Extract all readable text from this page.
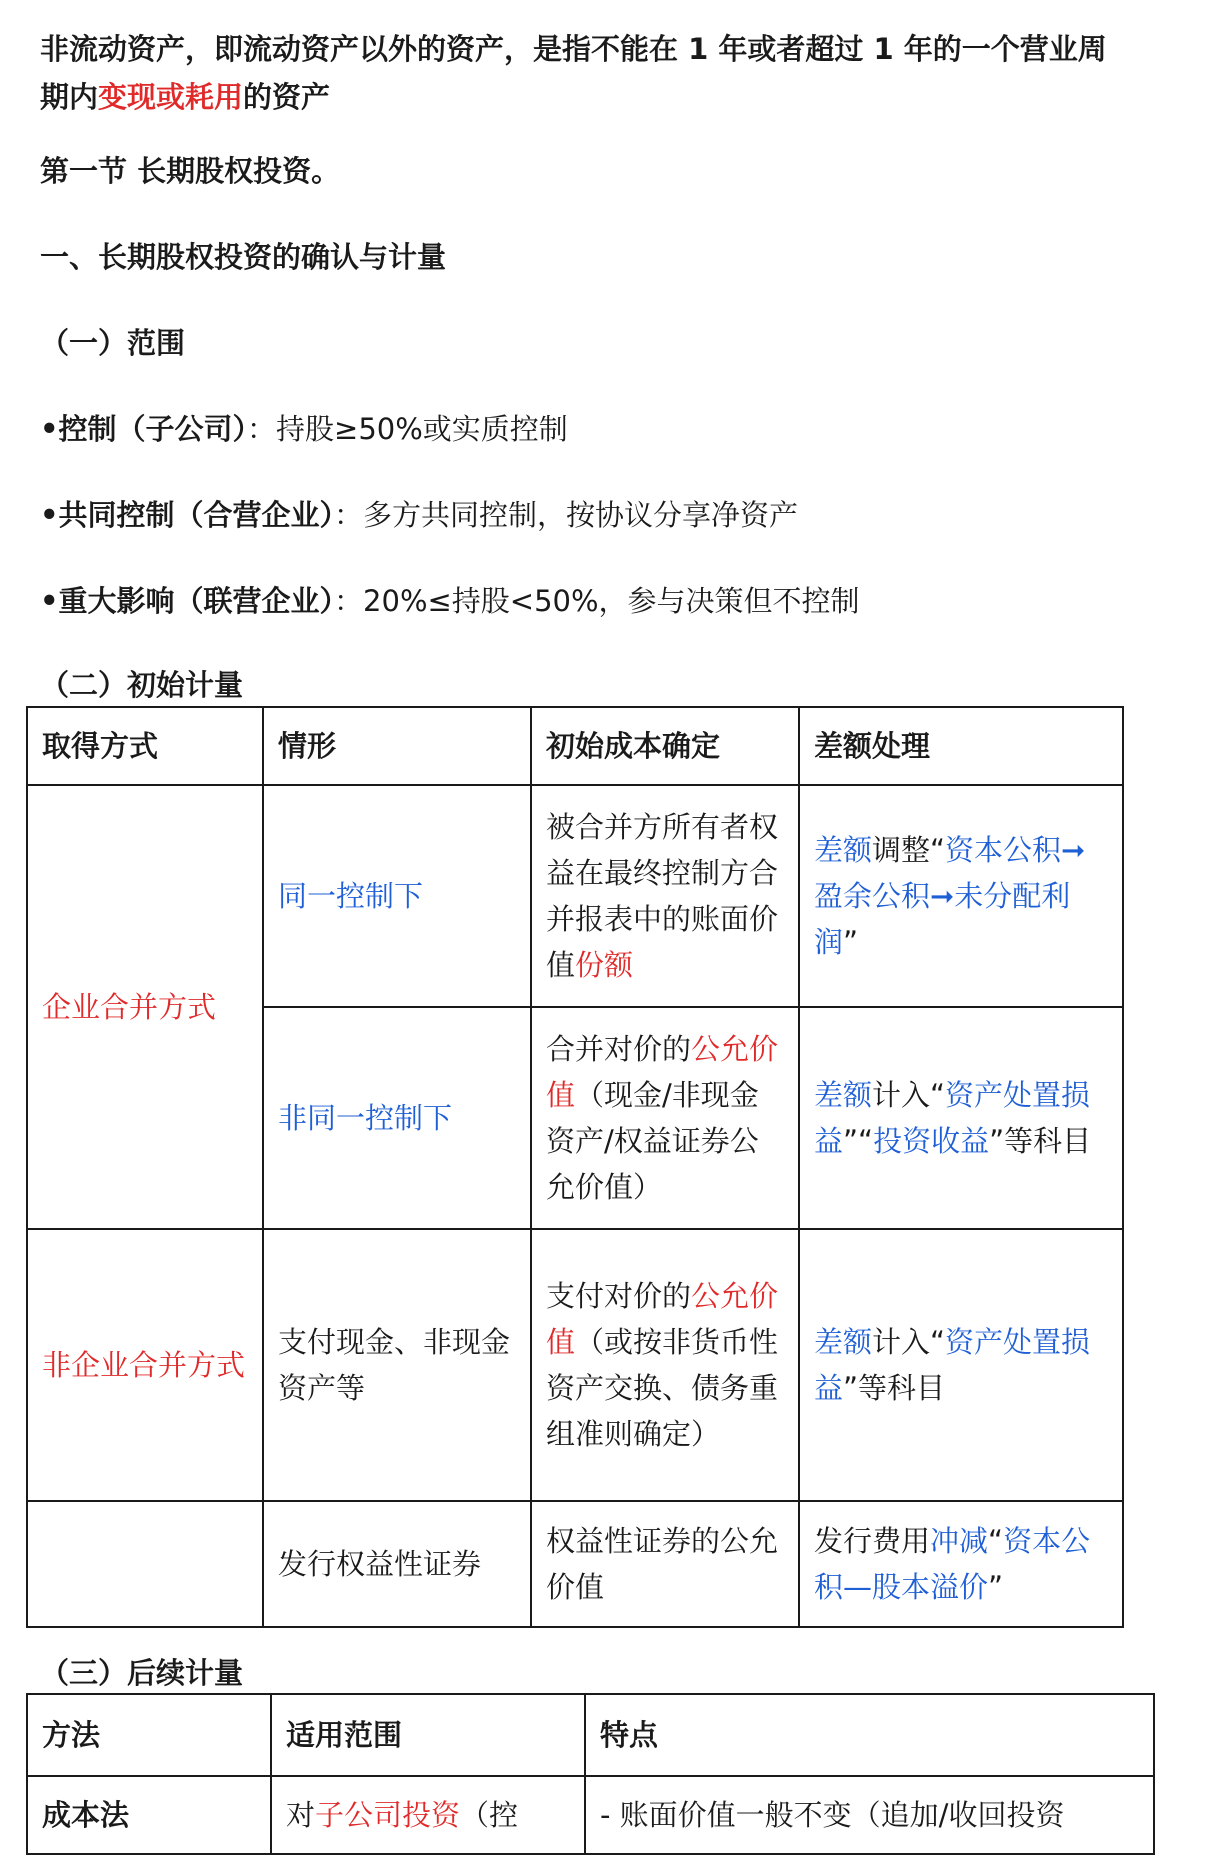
非流动资产，即流动资产以外的资产，是指不能在 1 年或者超过 1 年的一个营业周

期内变现或耗用的资产

第一节 长期股权投资。

一、长期股权投资的确认与计量

（一）范围

•控制（子公司）：持股≥50%或实质控制

•共同控制（合营企业）：多方共同控制，按协议分享净资产

•重大影响（联营企业）：20%≤持股<50%，参与决策但不控制

（二）初始计量

取得方式	情形	初始成本确定	差额处理
企业合并方式	同一控制下	被合并方所有者权益在最终控制方合并报表中的账面价值份额	差额调整“资本公积➞盈余公积➞未分配利润”
	非同一控制下	合并对价的公允价值（现金/非现金资产/权益证券公允价值）	差额计入“资产处置损益”“投资收益”等科目
非企业合并方式	支付现金、非现金资产等	支付对价的公允价值（或按非货币性资产交换、债务重组准则确定）	差额计入“资产处置损益”等科目
	发行权益性证券	权益性证券的公允价值	发行费用冲减“资本公积—股本溢价”

（三）后续计量

方法	适用范围	特点
成本法	对子公司投资（控	- 账面价值一般不变（追加/收回投资
